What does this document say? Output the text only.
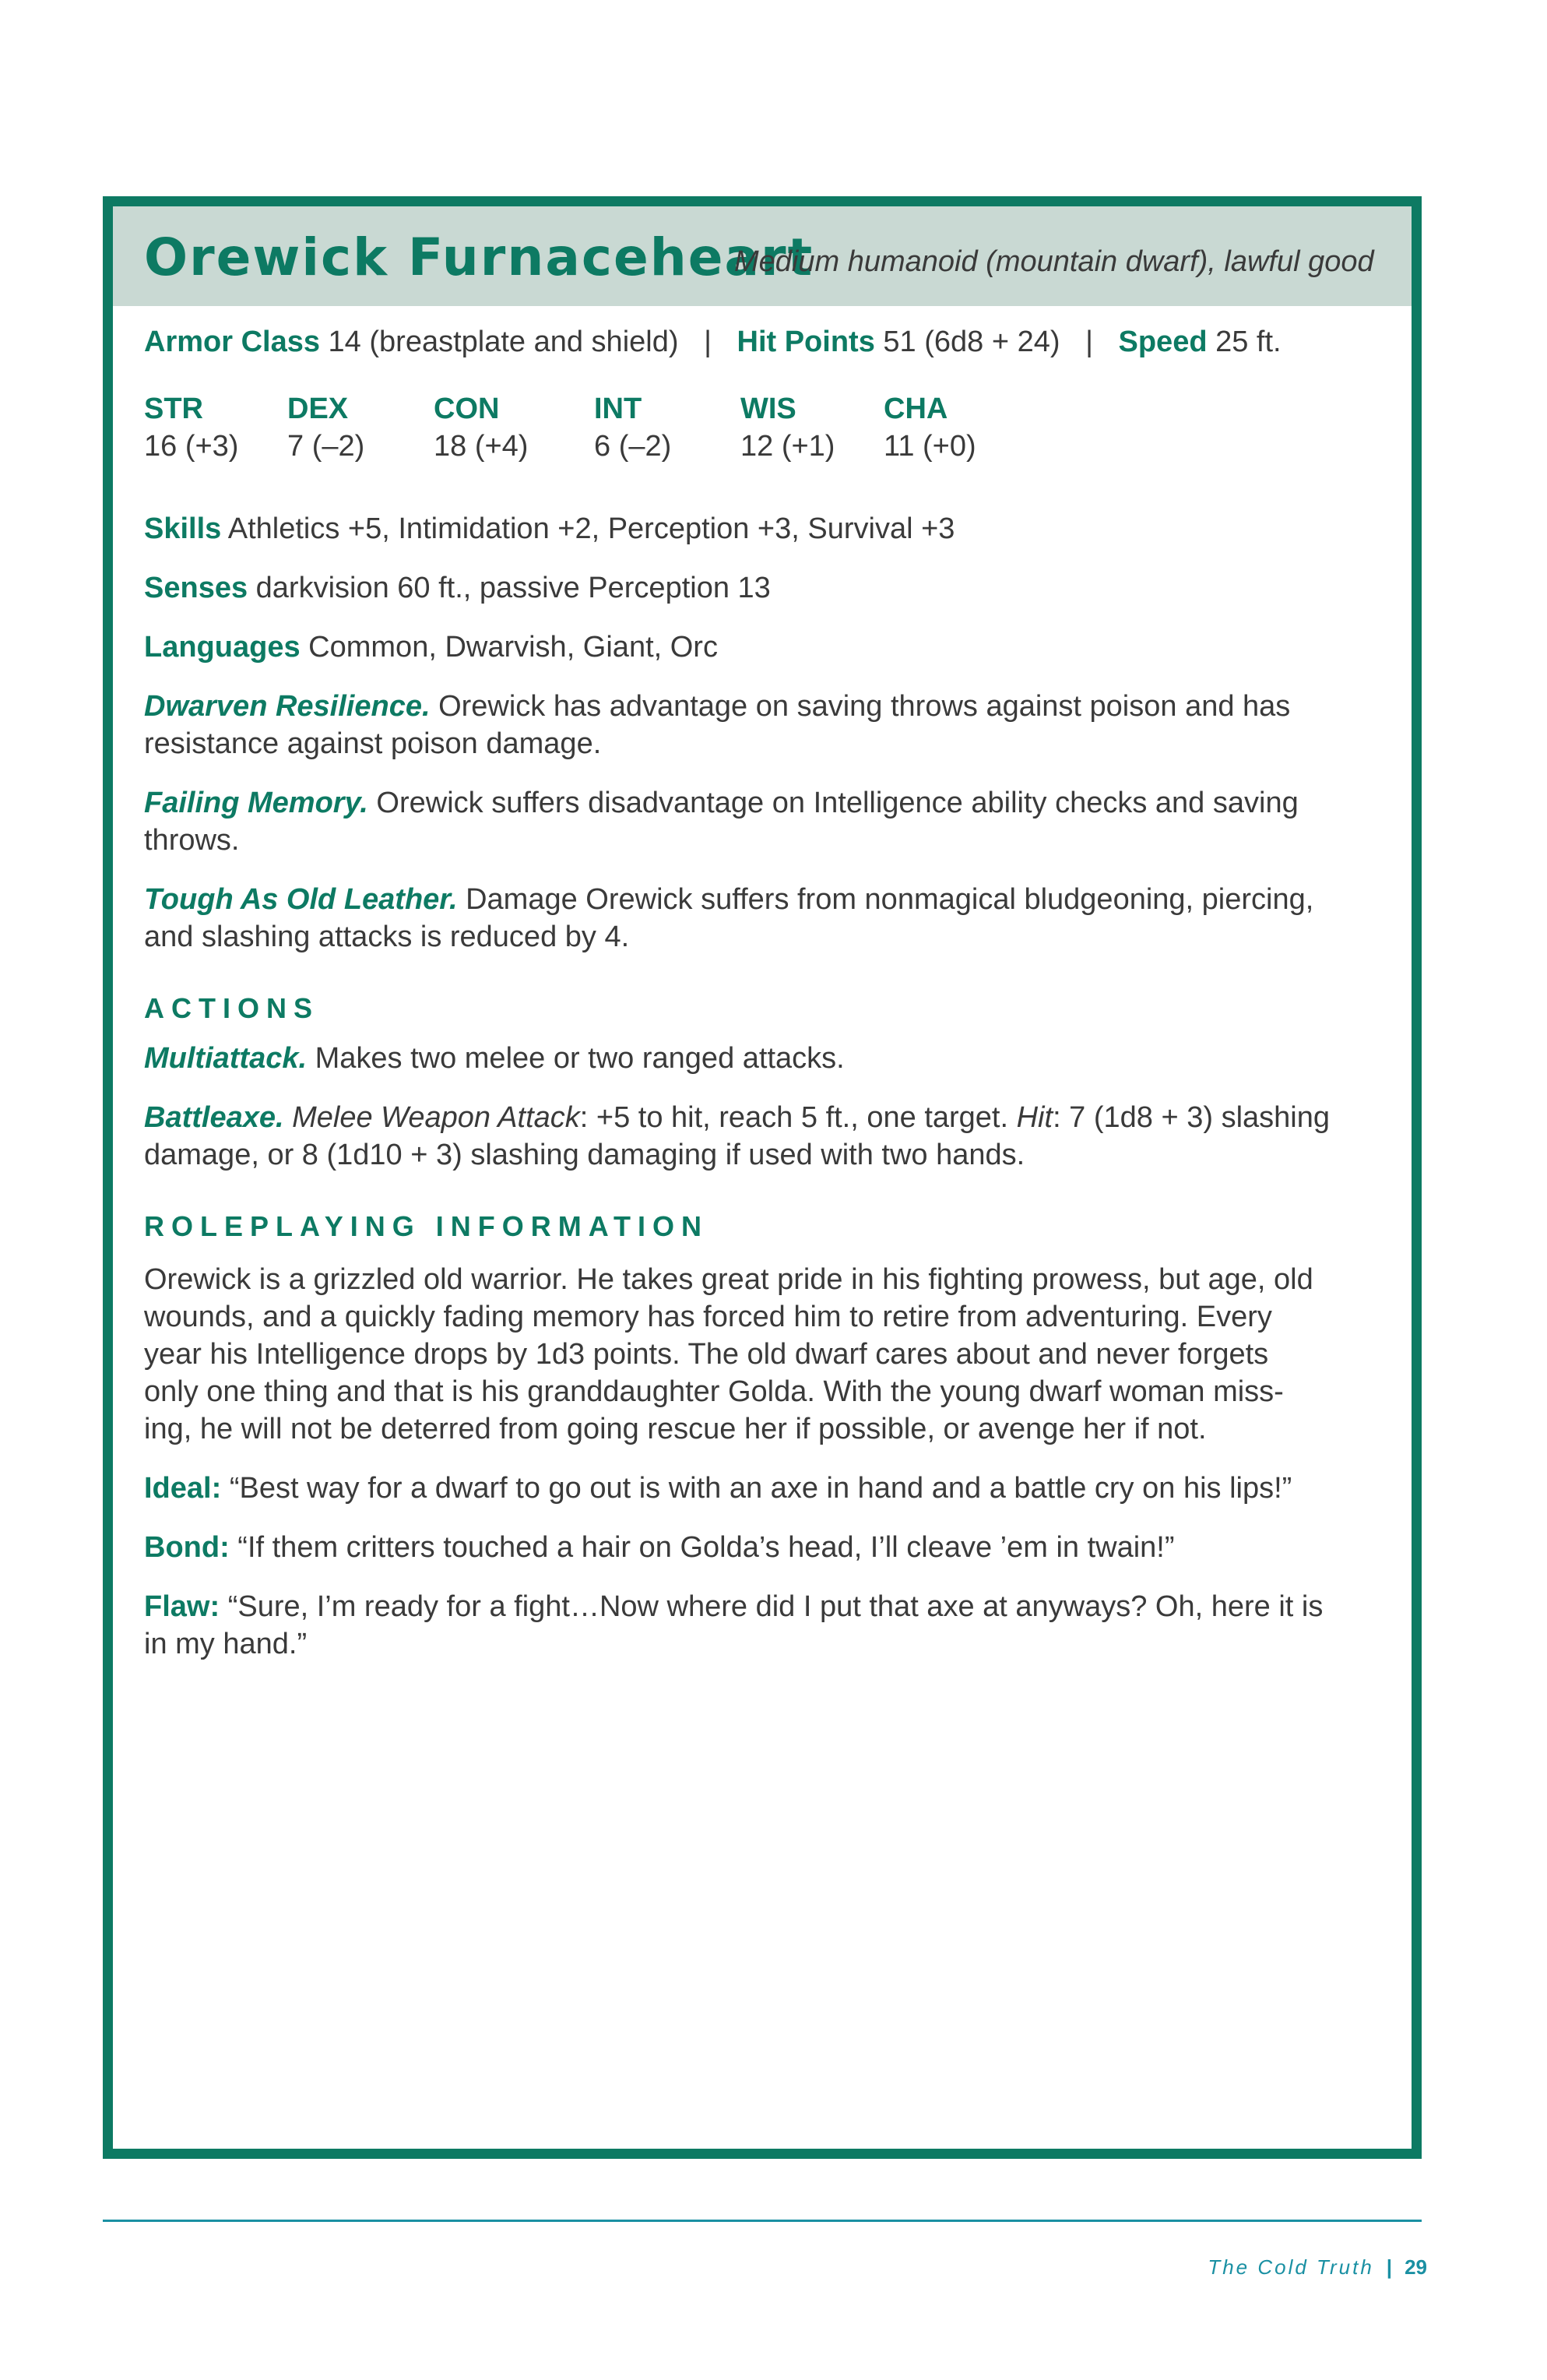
Orewick Furnaceheart
Medium humanoid (mountain dwarf), lawful good
Armor Class 14 (breastplate and shield) | Hit Points 51 (6d8 + 24) | Speed 25 ft.
STR
16 (+3)
DEX
7 (–2)
CON
18 (+4)
INT
6 (–2)
WIS
12 (+1)
CHA
11 (+0)
Skills Athletics +5, Intimidation +2, Perception +3, Survival +3
Senses darkvision 60 ft., passive Perception 13
Languages Common, Dwarvish, Giant, Orc
Dwarven Resilience. Orewick has advantage on saving throws against poison and has
resistance against poison damage.
Failing Memory. Orewick suffers disadvantage on Intelligence ability checks and saving
throws.
Tough As Old Leather. Damage Orewick suffers from nonmagical bludgeoning, piercing,
and slashing attacks is reduced by 4.
ACTIONS
Multiattack. Makes two melee or two ranged attacks.
Battleaxe. Melee Weapon Attack: +5 to hit, reach 5 ft., one target. Hit: 7 (1d8 + 3) slashing
damage, or 8 (1d10 + 3) slashing damaging if used with two hands.
ROLEPLAYING INFORMATION
Orewick is a grizzled old warrior. He takes great pride in his fighting prowess, but age, old
wounds, and a quickly fading memory has forced him to retire from adventuring. Every
year his Intelligence drops by 1d3 points. The old dwarf cares about and never forgets
only one thing and that is his granddaughter Golda. With the young dwarf woman miss-
ing, he will not be deterred from going rescue her if possible, or avenge her if not.
Ideal: “Best way for a dwarf to go out is with an axe in hand and a battle cry on his lips!”
Bond: “If them critters touched a hair on Golda’s head, I’ll cleave ’em in twain!”
Flaw: “Sure, I’m ready for a fight…Now where did I put that axe at anyways? Oh, here it is
in my hand.”
The Cold Truth | 29
